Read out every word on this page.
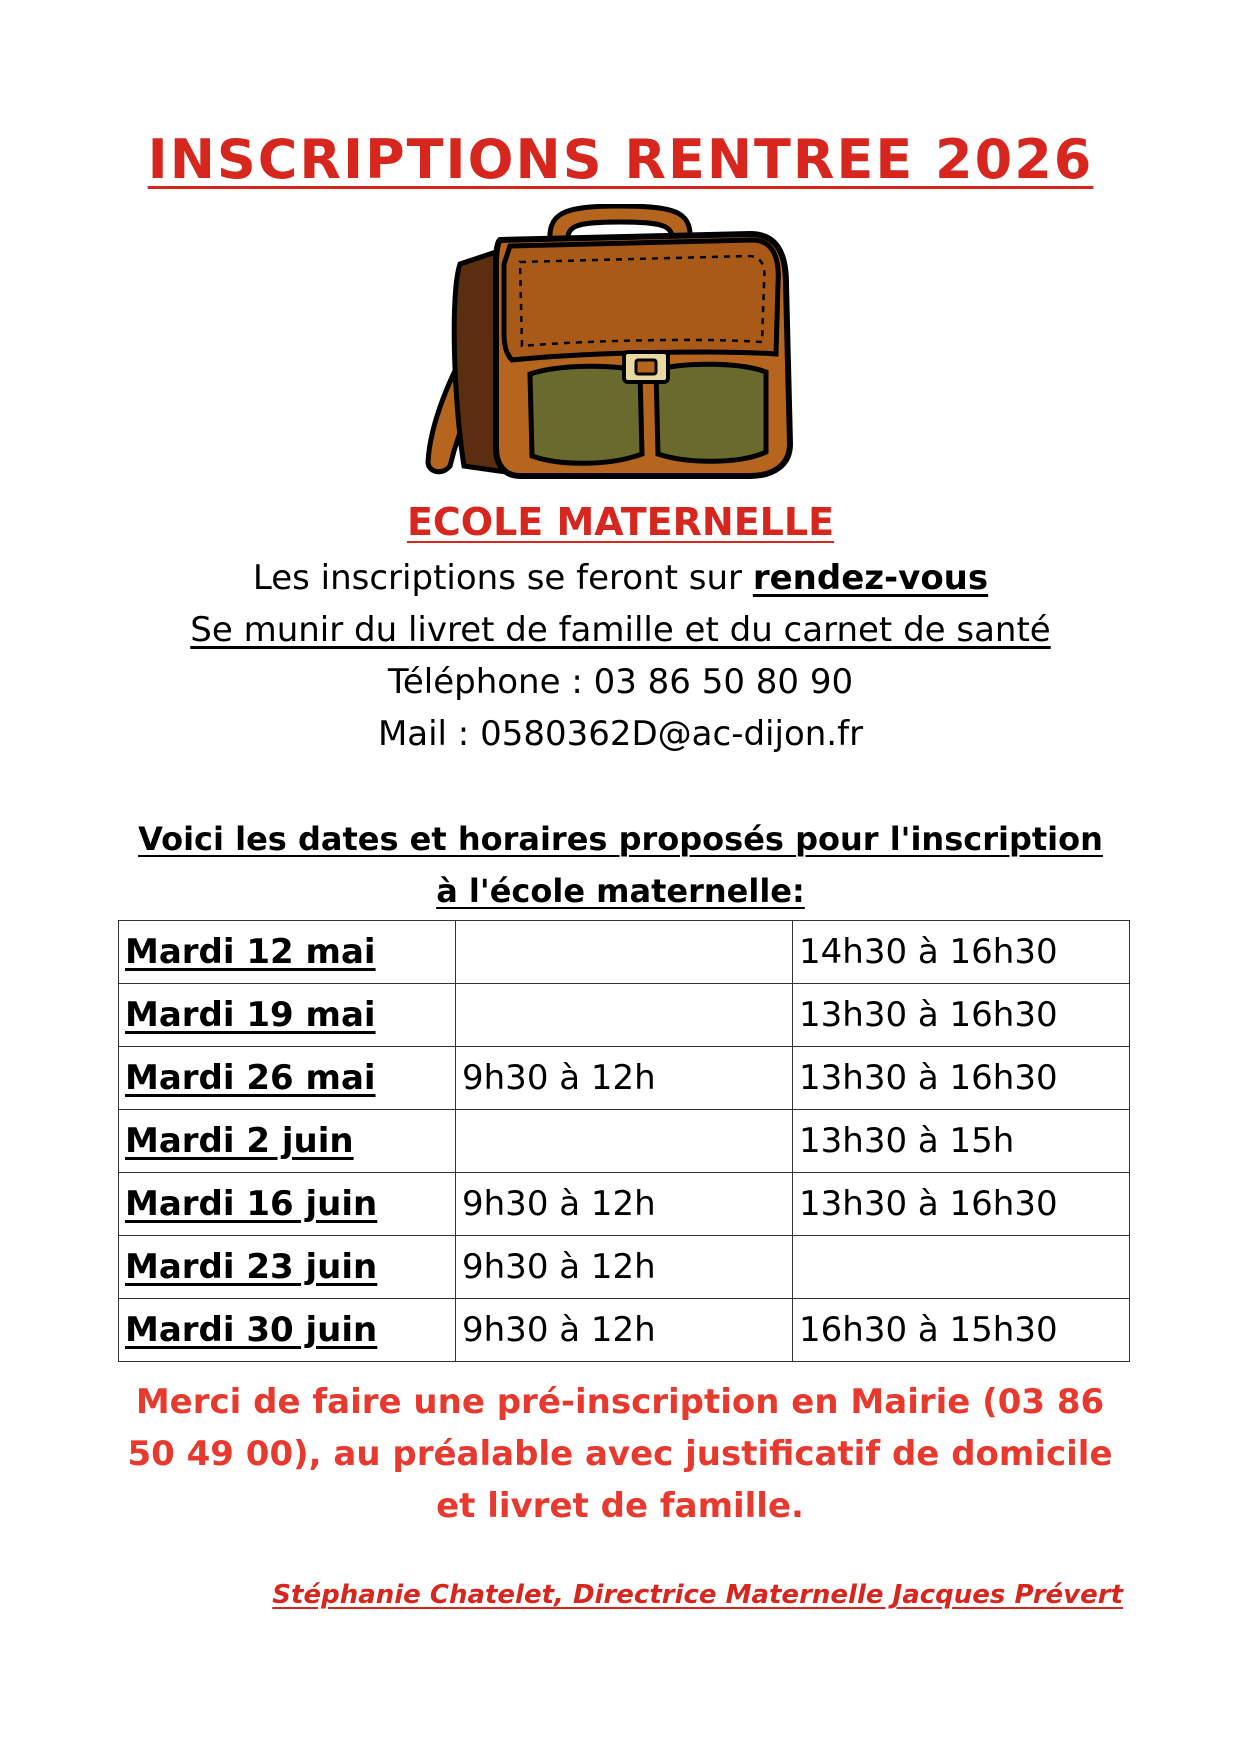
INSCRIPTIONS RENTREE 2026
ECOLE MATERNELLE
Les inscriptions se feront sur rendez-vous
Se munir du livret de famille et du carnet de santé
Téléphone : 03 86 50 80 90
Mail : 0580362D@ac-dijon.fr
Voici les dates et horaires proposés pour l'inscription
à l'école maternelle:
Mardi 12 mai		14h30 à 16h30
Mardi 19 mai		13h30 à 16h30
Mardi 26 mai	9h30 à 12h	13h30 à 16h30
Mardi 2 juin		13h30 à 15h
Mardi 16 juin	9h30 à 12h	13h30 à 16h30
Mardi 23 juin	9h30 à 12h	
Mardi 30 juin	9h30 à 12h	16h30 à 15h30
Merci de faire une pré-inscription en Mairie (03 86 50 49 00), au préalable avec justificatif de domicile et livret de famille.
Stéphanie Chatelet, Directrice Maternelle Jacques Prévert
